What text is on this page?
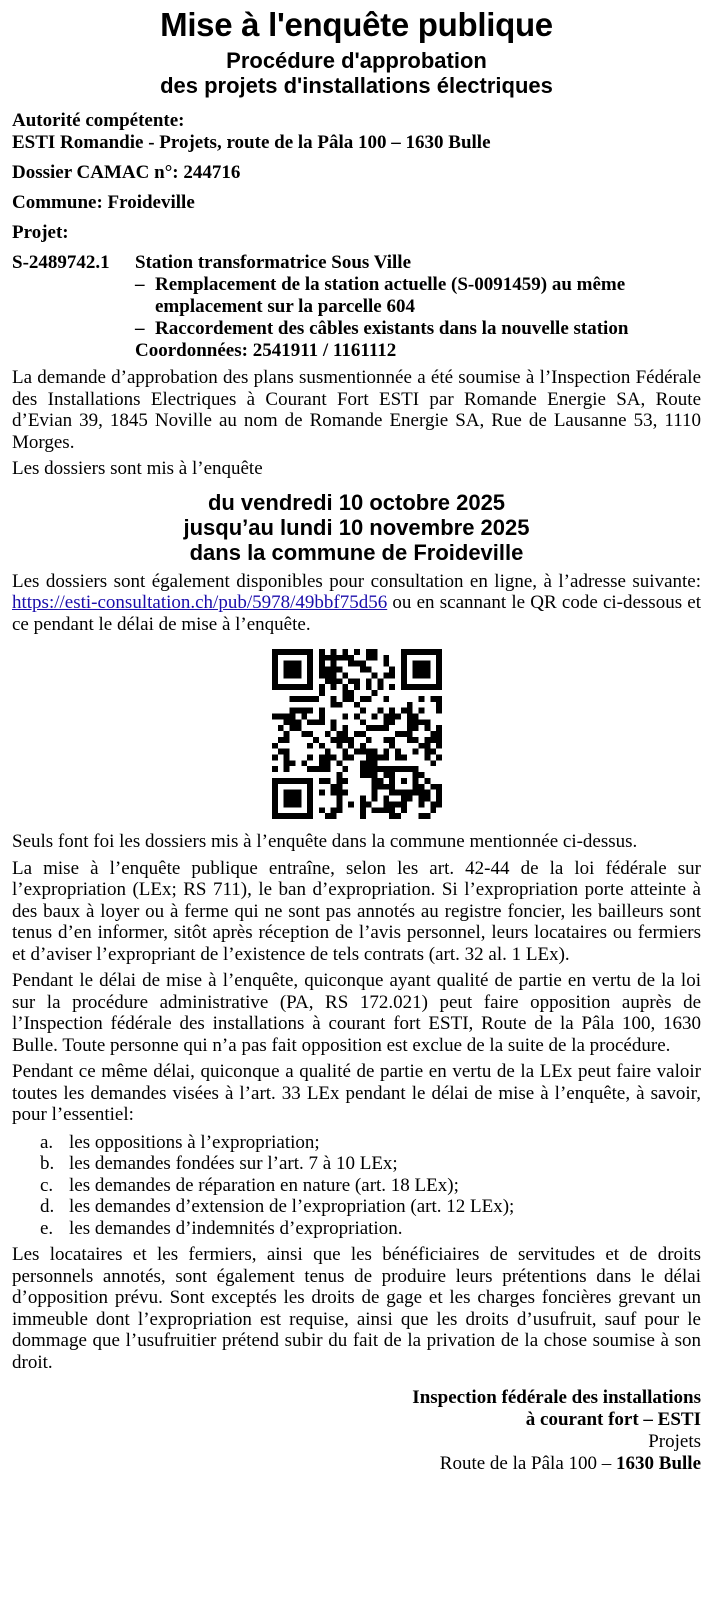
Mise à l'enquête publique
Procédure d'approbation
des projets d'installations électriques
Autorité compétente:
ESTI Romandie - Projets, route de la Pâla 100 – 1630 Bulle
Dossier CAMAC n°: 244716
Commune: Froideville
Projet:
S-2489742.1	Station transformatrice Sous Ville
– Remplacement de la station actuelle (S-0091459) au même emplacement sur la parcelle 604
– Raccordement des câbles existants dans la nouvelle station
Coordonnées: 2541911 / 1161112

La demande d’approbation des plans susmentionnée a été soumise à l’Inspection Fédérale des Installations Electriques à Courant Fort ESTI par Romande Energie SA, Route d’Evian 39, 1845 Noville au nom de Romande Energie SA, Rue de Lausanne 53, 1110 Morges.

Les dossiers sont mis à l’enquête

du vendredi 10 octobre 2025
jusqu’au lundi 10 novembre 2025
dans la commune de Froideville

Les dossiers sont également disponibles pour consultation en ligne, à l’adresse suivante: https://esti-consultation.ch/pub/5978/49bbf75d56 ou en scannant le QR code ci-dessous et ce pendant le délai de mise à l’enquête.

Seuls font foi les dossiers mis à l’enquête dans la commune mentionnée ci-dessus.

La mise à l’enquête publique entraîne, selon les art. 42-44 de la loi fédérale sur l’expropriation (LEx; RS 711), le ban d’expropriation. Si l’expropriation porte atteinte à des baux à loyer ou à ferme qui ne sont pas annotés au registre foncier, les bailleurs sont tenus d’en informer, sitôt après réception de l’avis personnel, leurs locataires ou fermiers et d’aviser l’expropriant de l’existence de tels contrats (art. 32 al. 1 LEx).

Pendant le délai de mise à l’enquête, quiconque ayant qualité de partie en vertu de la loi sur la procédure administrative (PA, RS 172.021) peut faire opposition auprès de l’Inspection fédérale des installations à courant fort ESTI, Route de la Pâla 100, 1630 Bulle. Toute personne qui n’a pas fait opposition est exclue de la suite de la procédure.

Pendant ce même délai, quiconque a qualité de partie en vertu de la LEx peut faire valoir toutes les demandes visées à l’art. 33 LEx pendant le délai de mise à l’enquête, à savoir, pour l’essentiel:

a. les oppositions à l’expropriation;
b. les demandes fondées sur l’art. 7 à 10 LEx;
c. les demandes de réparation en nature (art. 18 LEx);
d. les demandes d’extension de l’expropriation (art. 12 LEx);
e. les demandes d’indemnités d’expropriation.

Les locataires et les fermiers, ainsi que les bénéficiaires de servitudes et de droits personnels annotés, sont également tenus de produire leurs prétentions dans le délai d’opposition prévu. Sont exceptés les droits de gage et les charges foncières grevant un immeuble dont l’expropriation est requise, ainsi que les droits d’usufruit, sauf pour le dommage que l’usufruitier prétend subir du fait de la privation de la chose soumise à son droit.

Inspection fédérale des installations
à courant fort – ESTI
Projets
Route de la Pâla 100 – 1630 Bulle
